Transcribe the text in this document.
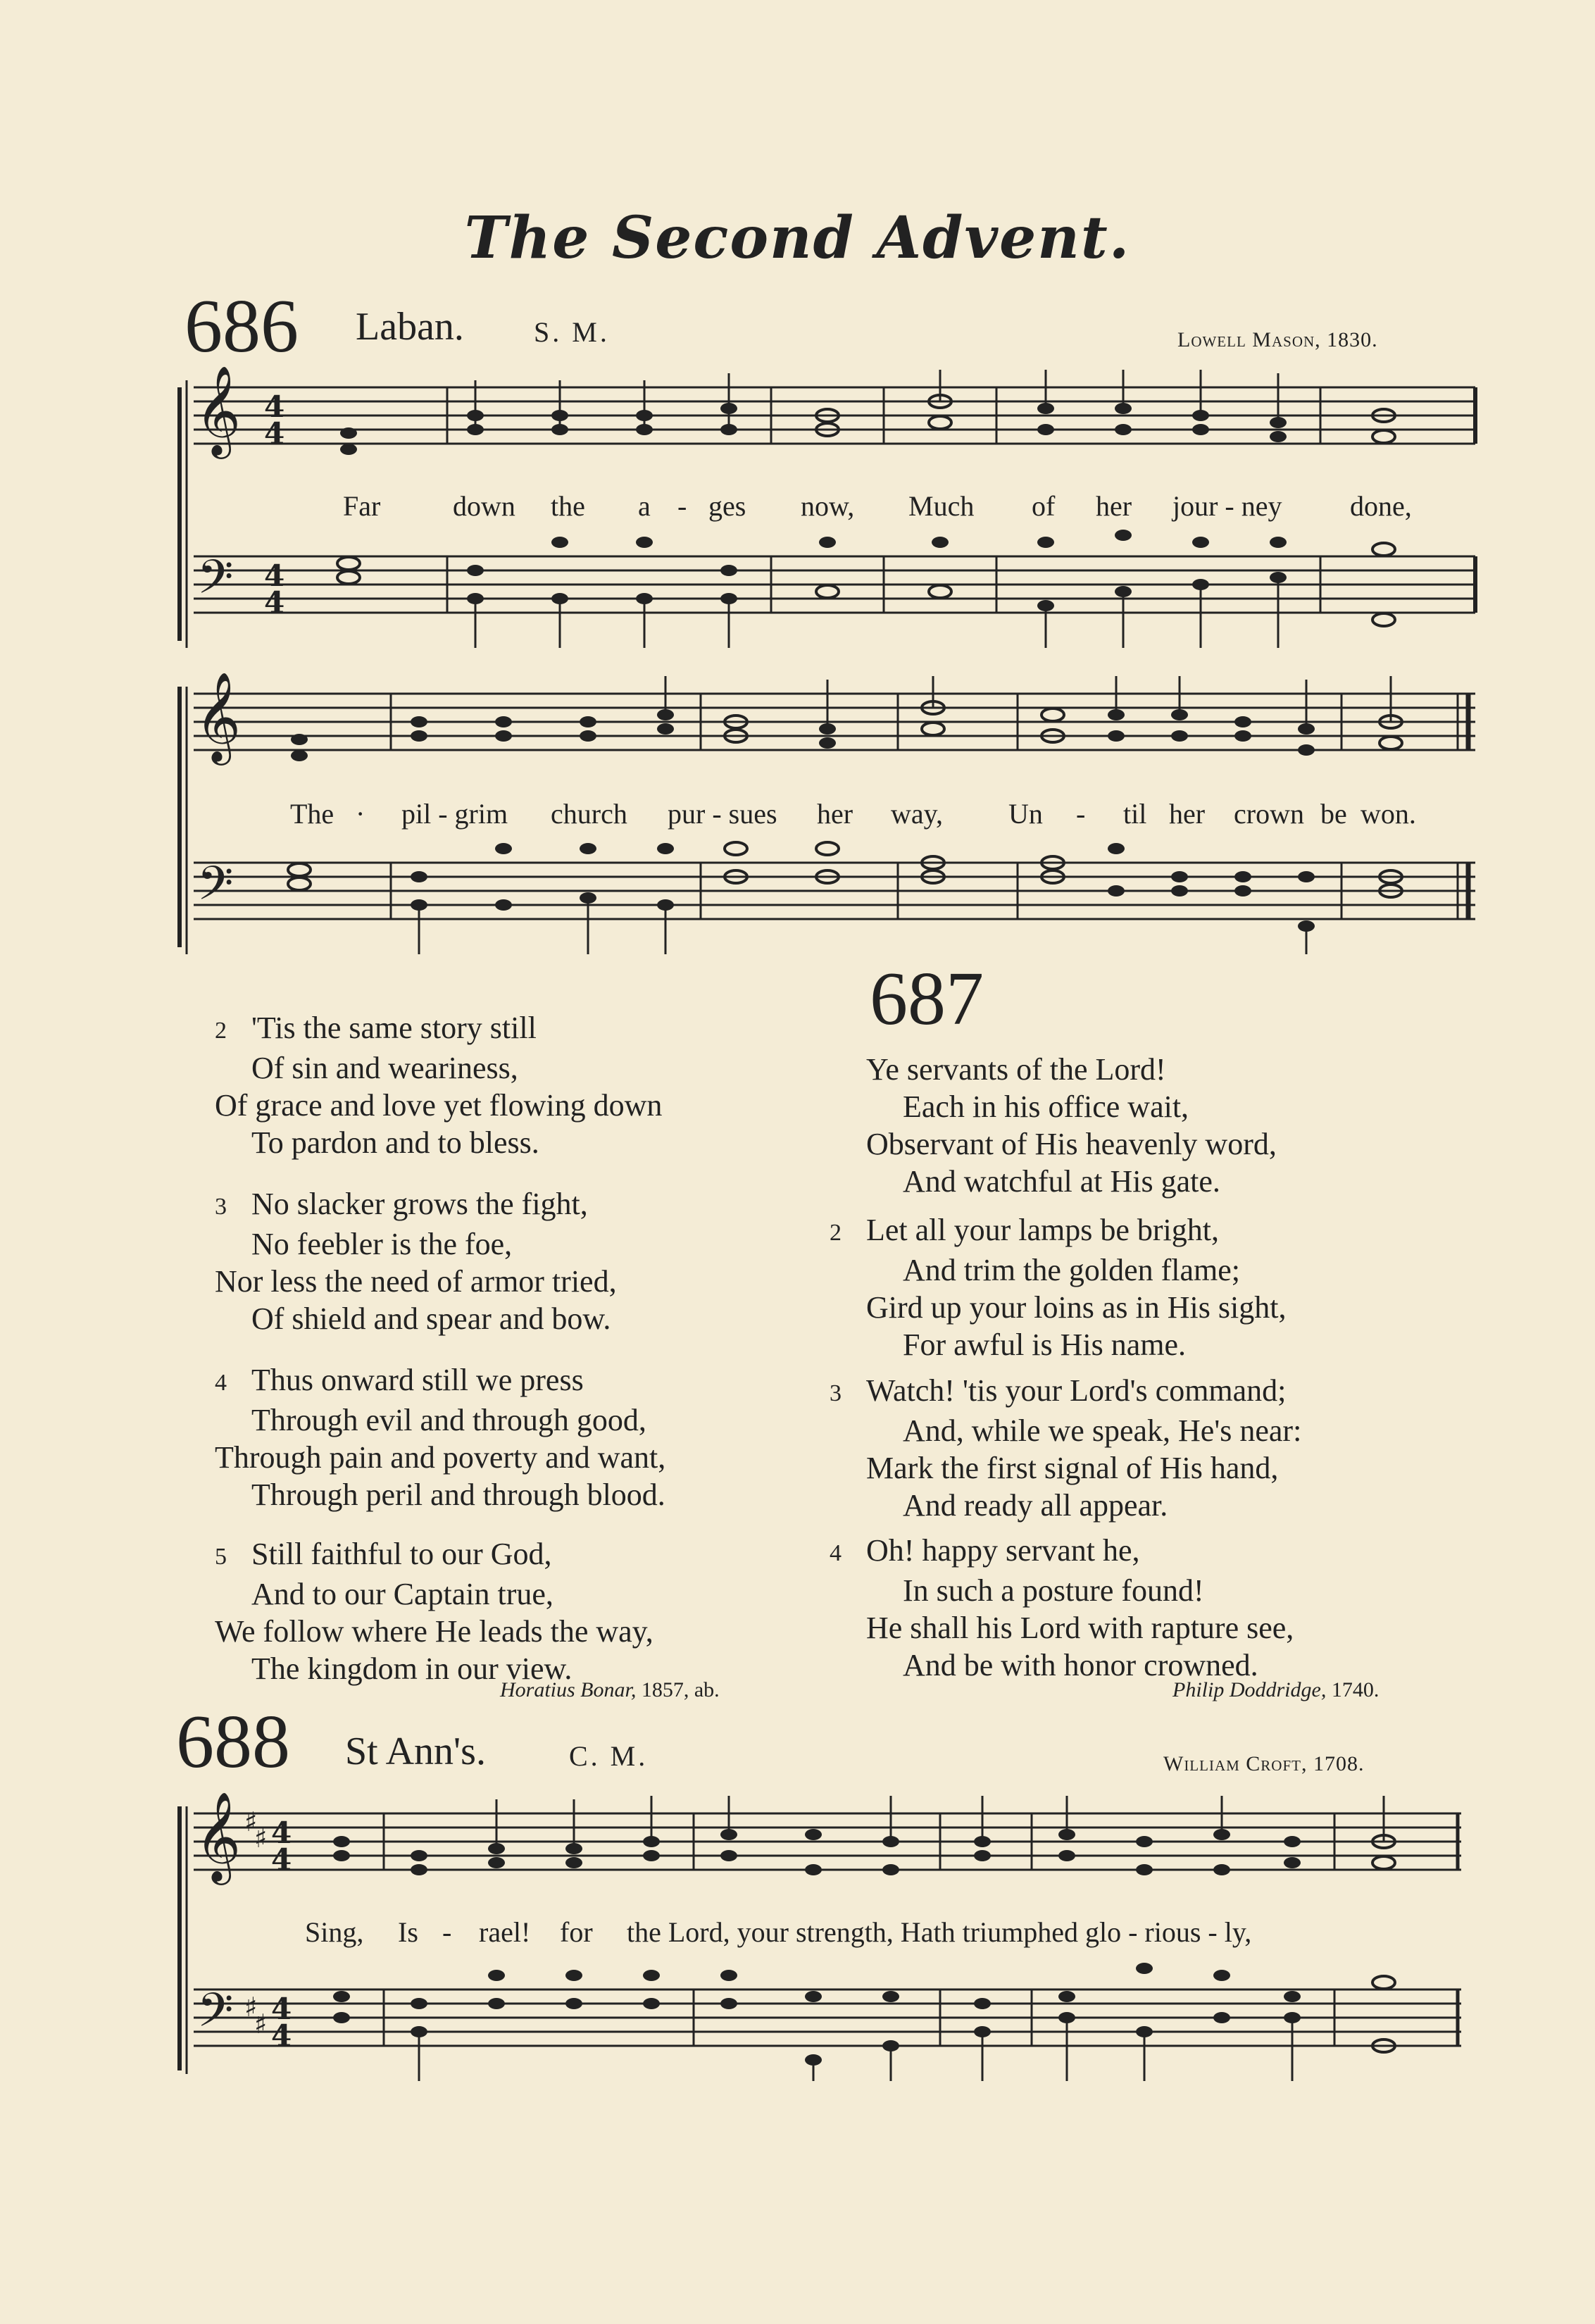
The Second Advent.
686 Laban. S. M.	Lowell Mason, 1830.
𝄞 4
4
𝄢 4
4
Far	down the a - ges now, Much of her jour - ney done,
𝄞
𝄢
The · pil - grim church pur - sues her way, Un - til her crown be won.
2 'Tis the same story still
Of sin and weariness,
Of grace and love yet flowing down
To pardon and to bless.
3 No slacker grows the fight,
No feebler is the foe,
Nor less the need of armor tried,
Of shield and spear and bow.
4 Thus onward still we press
Through evil and through good,
Through pain and poverty and want,
Through peril and through blood.
5 Still faithful to our God,
And to our Captain true,
We follow where He leads the way,
The kingdom in our view.
Horatius Bonar, 1857, ab.
687
Ye servants of the Lord!
Each in his office wait,
Observant of His heavenly word,
And watchful at His gate.
2 Let all your lamps be bright,
And trim the golden flame;
Gird up your loins as in His sight,
For awful is His name.
3 Watch! 'tis your Lord's command;
And, while we speak, He's near:
Mark the first signal of His hand,
And ready all appear.
4 Oh! happy servant he,
In such a posture found!
He shall his Lord with rapture see,
And be with honor crowned.
Philip Doddridge, 1740.
688 St Ann's.	C. M.	William Croft, 1708.
𝄞 ♯
♯ 4
4
𝄢 ♯
♯ 4
4
Sing, Is - rael! for the Lord, your strength, Hath triumphed glo - rious - ly,
